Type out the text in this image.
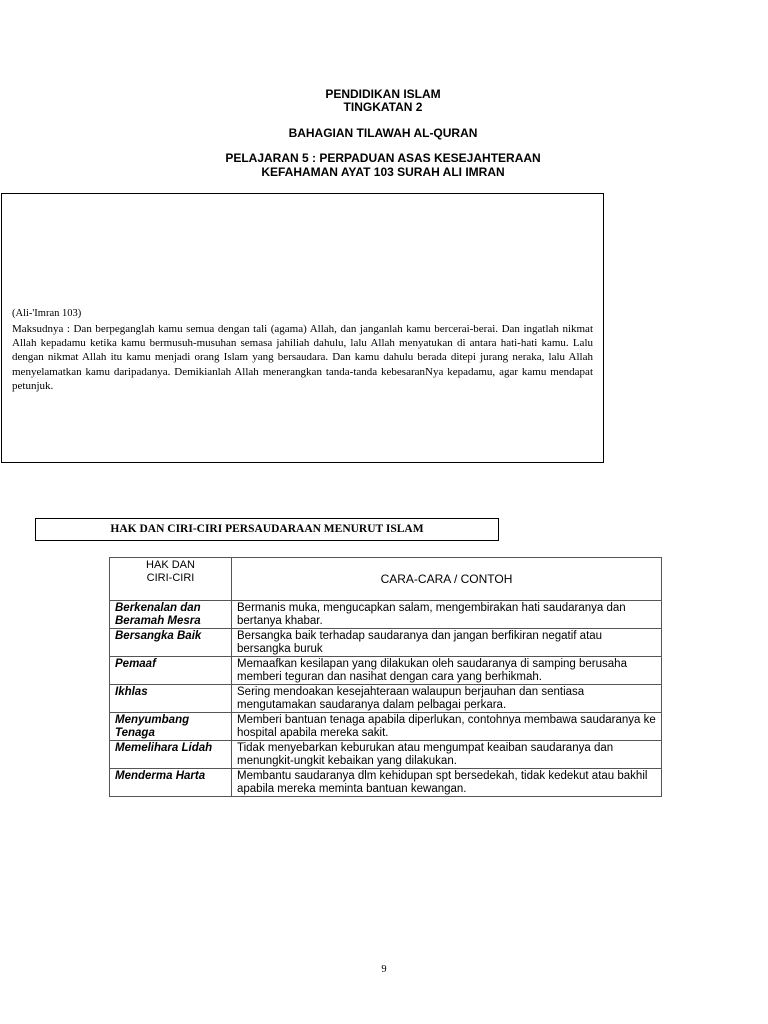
PENDIDIKAN ISLAM
TINGKATAN 2
BAHAGIAN TILAWAH AL-QURAN
PELAJARAN 5 : PERPADUAN ASAS KESEJAHTERAAN
KEFAHAMAN AYAT 103 SURAH ALI IMRAN
(Ali-'Imran 103)
Maksudnya : Dan berpeganglah kamu semua dengan tali (agama) Allah, dan janganlah kamu bercerai-berai. Dan ingatlah nikmat Allah kepadamu ketika kamu bermusuh-musuhan semasa jahiliah dahulu, lalu Allah menyatukan di antara hati-hati kamu. Lalu dengan nikmat Allah itu kamu menjadi orang Islam yang bersaudara. Dan kamu dahulu berada ditepi jurang neraka, lalu Allah menyelamatkan kamu daripadanya. Demikianlah Allah menerangkan tanda-tanda kebesaranNya kepadamu, agar kamu mendapat petunjuk.
HAK DAN CIRI-CIRI PERSAUDARAAN MENURUT ISLAM
HAK DAN
CIRI-CIRI	CARA-CARA / CONTOH
Berkenalan dan Beramah Mesra	Bermanis muka, mengucapkan salam, mengembirakan hati saudaranya dan bertanya khabar.
Bersangka Baik	Bersangka baik terhadap saudaranya dan jangan berfikiran negatif atau bersangka buruk
Pemaaf	Memaafkan kesilapan yang dilakukan oleh saudaranya di samping berusaha memberi teguran dan nasihat dengan cara yang berhikmah.
Ikhlas	Sering mendoakan kesejahteraan walaupun berjauhan dan sentiasa mengutamakan saudaranya dalam pelbagai perkara.
Menyumbang Tenaga	Memberi bantuan tenaga apabila diperlukan, contohnya membawa saudaranya ke hospital apabila mereka sakit.
Memelihara Lidah	Tidak menyebarkan keburukan atau mengumpat keaiban saudaranya dan menungkit-ungkit kebaikan yang dilakukan.
Menderma Harta	Membantu saudaranya dlm kehidupan spt bersedekah, tidak kedekut atau bakhil apabila mereka meminta bantuan kewangan.
9
